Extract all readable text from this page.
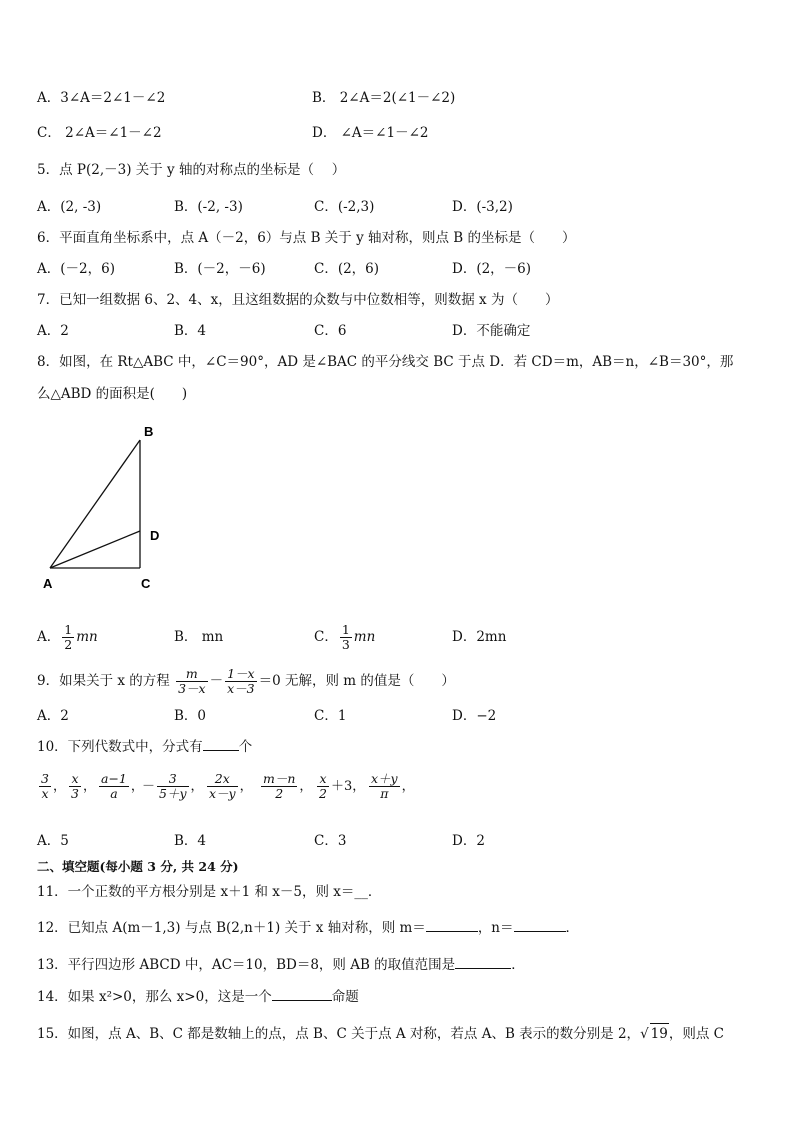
A．3∠A＝2∠1－∠2	B． 2∠A＝2(∠1－∠2)
C． 2∠A＝∠1－∠2	D． ∠A＝∠1－∠2
5．点 P(2,－3) 关于 y 轴的对称点的坐标是（　 ）
A．(2, -3)	B．(-2, -3)	C．(-2,3)	D．(-3,2)
6．平面直角坐标系中，点 A（－2，6）与点 B 关于 y 轴对称，则点 B 的坐标是（　　）
A．(－2，6)	B．(－2，－6)	C．(2，6)	D．(2，－6)
7．已知一组数据 6、2、4、x，且这组数据的众数与中位数相等，则数据 x 为（　　）
A．2	B．4	C．6	D．不能确定
8．如图，在 Rt△ABC 中，∠C＝90°，AD 是∠BAC 的平分线交 BC 于点 D．若 CD＝m，AB＝n，∠B＝30°，那
么△ABD 的面积是(　　)
B
D
A	C
A． $\frac{1}{2}$ mn	B． mn	C． $\frac{1}{3}$ mn	D．2mn
9．如果关于 x 的方程 $\frac{m}{3-x} - \frac{1-x}{x-3} =0$ 无解，则 m 的值是（　　）
A．2	B．0	C．1	D．−2
10．下列代数式中，分式有	个
$\frac{3}{x}$ ， $\frac{x}{3}$ ， $\frac{a-1}{a}$ ，
－ $\frac{3}{5+y}$ ， $\frac{2x}{x-y}$ ， $\frac{m-n}{2}$ ， $\frac{x}{2} +3$， $\frac{x+y}{\pi}$ ，
A．5	B．4	C．3	D．2
二、填空题(每小题 3 分, 共 24 分)
11．一个正数的平方根分别是 x＋1 和 x－5，则 x＝__．
12．已知点 A(m－1,3) 与点 B(2,n＋1) 关于 x 轴对称，则 m＝	，n＝	．
13．平行四边形 ABCD 中，AC＝10，BD＝8，则 AB 的取值范围是	．
14．如果 x²>0，那么 x>0，这是一个	命题
15．如图，点 A、B、C 都是数轴上的点，点 B、C 关于点 A 对称，若点 A、B 表示的数分别是 2，√ 19，则点 C
